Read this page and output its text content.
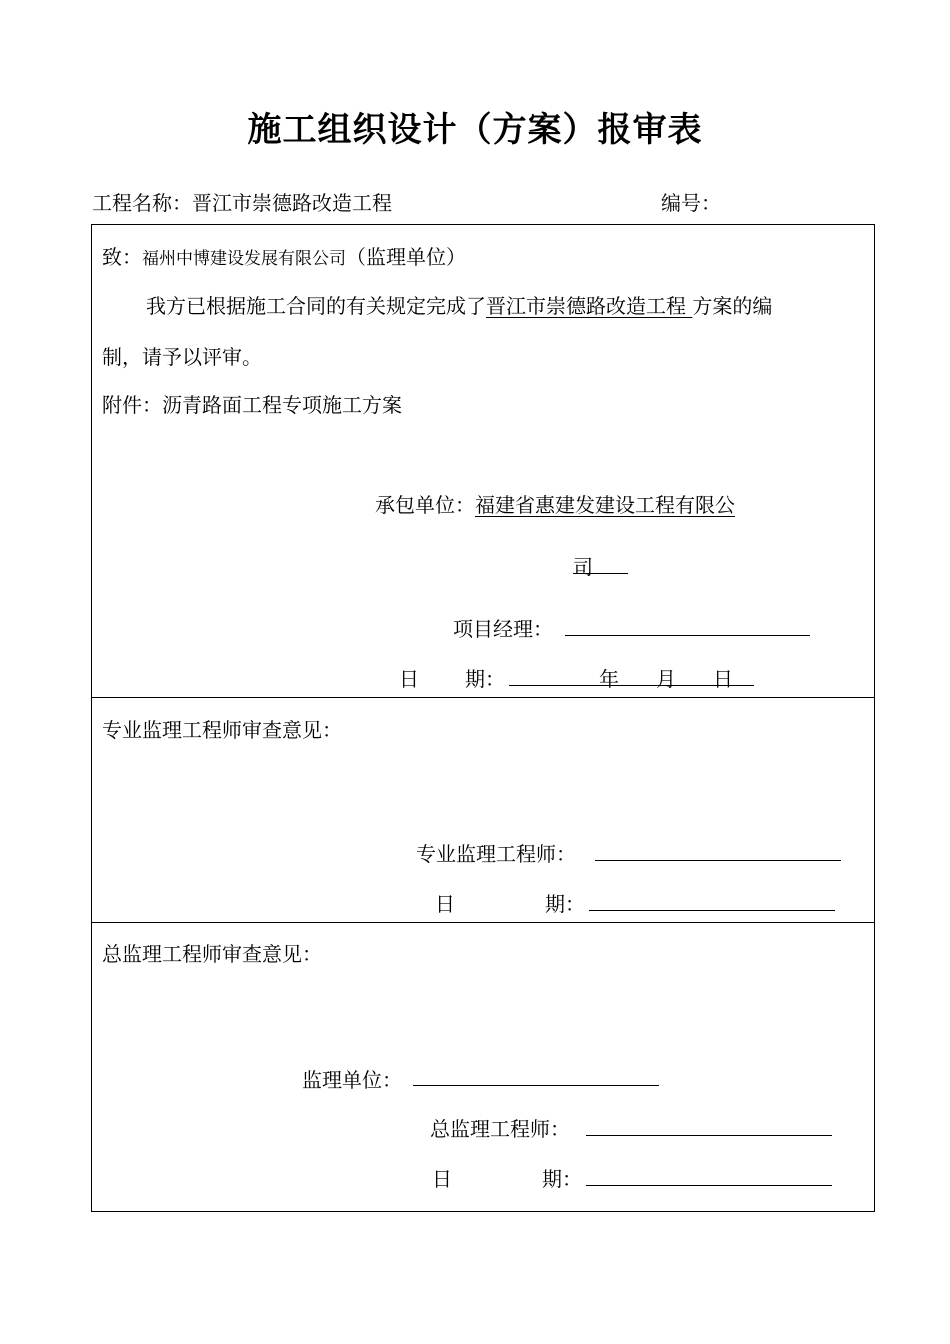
施工组织设计（方案）报审表
工程名称：晋江市崇德路改造工程	编号：
致：福州中博建设发展有限公司（监理单位）
我方已根据施工合同的有关规定完成了晋江市崇德路改造工程 方案的编
制，请予以评审。
附件：沥青路面工程专项施工方案
承包单位：福建省惠建发建设工程有限公
司
项目经理：
日 期：	年 月 日
专业监理工程师审查意见：
专业监理工程师：
日	期：
总监理工程师审查意见：
监理单位：
总监理工程师：
日	期：
